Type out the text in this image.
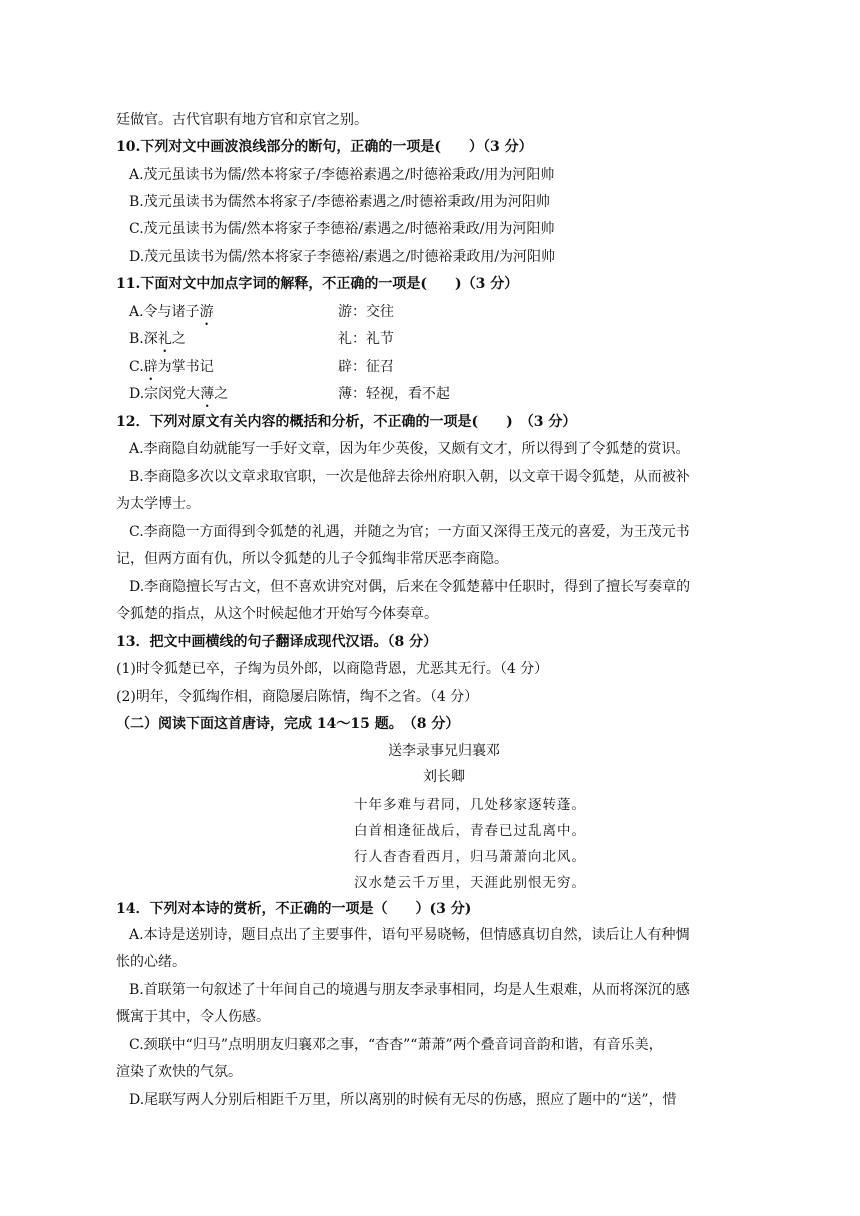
廷做官。古代官职有地方官和京官之别。
10.下列对文中画波浪线部分的断句，正确的一项是(　　）（3 分）
A.茂元虽读书为儒/然本将家子/李德裕素遇之/时德裕秉政/用为河阳帅
B.茂元虽读书为儒然本将家子/李德裕素遇之/时德裕秉政/用为河阳帅
C.茂元虽读书为儒/然本将家子李德裕/素遇之/时德裕秉政/用为河阳帅
D.茂元虽读书为儒/然本将家子李德裕/素遇之/时德裕秉政用/为河阳帅
11.下面对文中加点字词的解释，不正确的一项是(　　)（3 分）
A.令与诸子游	游：交往
B.深礼之	礼：礼节
C.辟为掌书记	辟：征召
D.宗闵党大薄之	薄：轻视，看不起
12．下列对原文有关内容的概括和分析，不正确的一项是(　　)　（3 分）
A.李商隐自幼就能写一手好文章，因为年少英俊，又颇有文才，所以得到了令狐楚的赏识。
B.李商隐多次以文章求取官职，一次是他辞去徐州府职入朝，以文章干谒令狐楚，从而被补
为太学博士。
C.李商隐一方面得到令狐楚的礼遇，并随之为官；一方面又深得王茂元的喜爱，为王茂元书
记，但两方面有仇，所以令狐楚的儿子令狐绹非常厌恶李商隐。
D.李商隐擅长写古文，但不喜欢讲究对偶，后来在令狐楚幕中任职时，得到了擅长写奏章的
令狐楚的指点，从这个时候起他才开始写今体奏章。
13．把文中画横线的句子翻译成现代汉语。（8 分）
(1)时令狐楚已卒，子绹为员外郎，以商隐背恩，尤恶其无行。（4 分）
(2)明年，令狐绹作相，商隐屡启陈情，绹不之省。（4 分）
（二）阅读下面这首唐诗，完成 14～15 题。　（8 分）
送李录事兄归襄邓
刘长卿
十年多难与君同，几处移家逐转蓬。
白首相逢征战后，青春已过乱离中。
行人杳杳看西月，归马萧萧向北风。
汉水楚云千万里，天涯此别恨无穷。
14．下列对本诗的赏析，不正确的一项是（　　）(3 分)
A.本诗是送别诗，题目点出了主要事件，语句平易晓畅，但情感真切自然，读后让人有种惆
怅的心绪。
B.首联第一句叙述了十年间自己的境遇与朋友李录事相同，均是人生艰难，从而将深沉的感
慨寓于其中，令人伤感。
C.颈联中“归马”点明朋友归襄邓之事，“杳杳”“萧萧”两个叠音词音韵和谐，有音乐美，
渲染了欢快的气氛。
D.尾联写两人分别后相距千万里，所以离别的时候有无尽的伤感，照应了题中的“送”，惜
